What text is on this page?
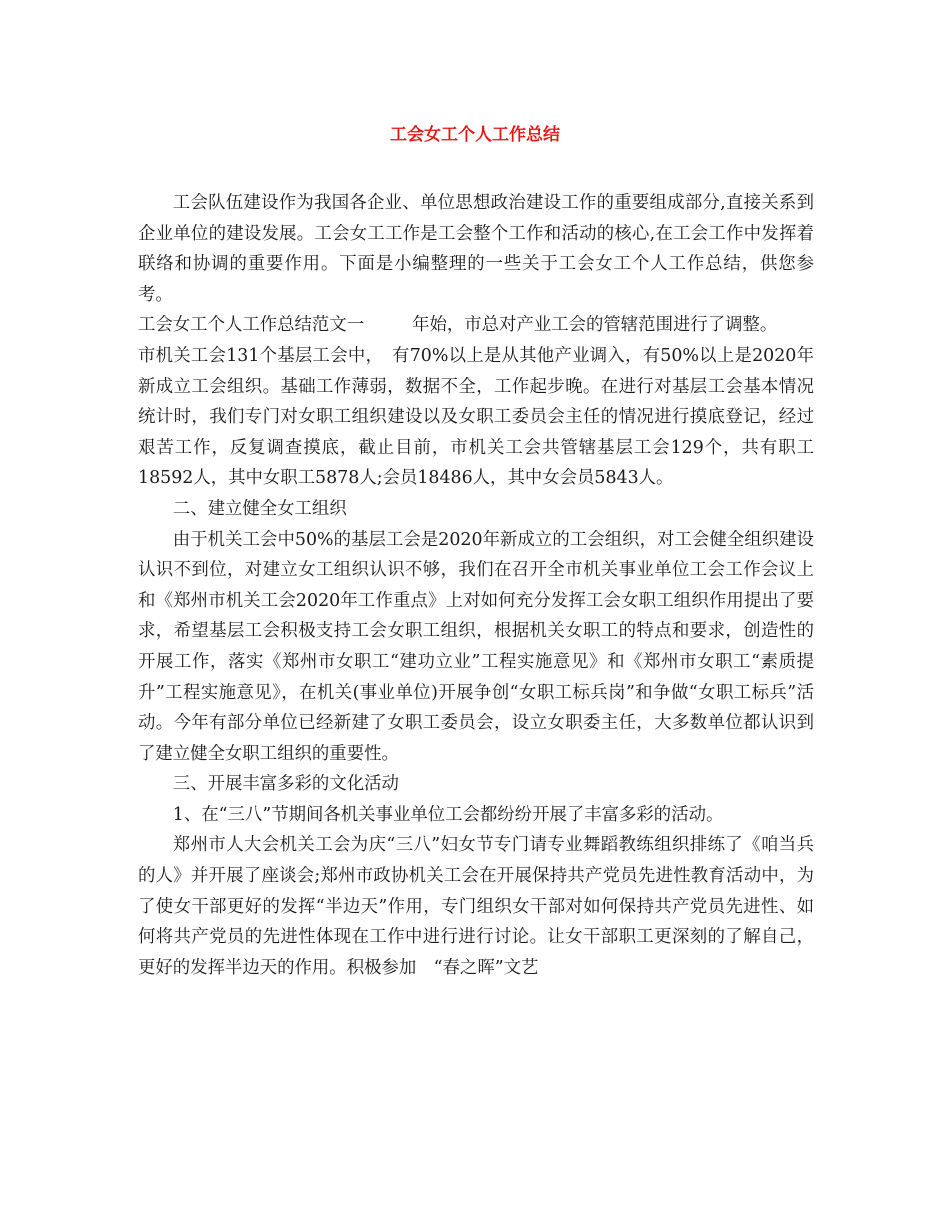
工会女工个人工作总结

工会队伍建设作为我国各企业、单位思想政治建设工作的重要组成部分,直接关系到企业单位的建设发展。工会女工工作是工会整个工作和活动的核心,在工会工作中发挥着联络和协调的重要作用。下面是小编整理的一些关于工会女工个人工作总结，供您参考。

工会女工个人工作总结范文一	年始，市总对产业工会的管辖范围进行了调整。

市机关工会131个基层工会中，　有70%以上是从其他产业调入，有50%以上是2020年新成立工会组织。基础工作薄弱，数据不全，工作起步晚。在进行对基层工会基本情况统计时，我们专门对女职工组织建设以及女职工委员会主任的情况进行摸底登记，经过艰苦工作，反复调查摸底，截止目前，市机关工会共管辖基层工会129个，共有职工18592人，其中女职工5878人;会员18486人，其中女会员5843人。

二、建立健全女工组织

由于机关工会中50%的基层工会是2020年新成立的工会组织，对工会健全组织建设认识不到位，对建立女工组织认识不够，我们在召开全市机关事业单位工会工作会议上和《郑州市机关工会2020年工作重点》上对如何充分发挥工会女职工组织作用提出了要求，希望基层工会积极支持工会女职工组织，根据机关女职工的特点和要求，创造性的开展工作，落实《郑州市女职工“建功立业”工程实施意见》和《郑州市女职工“素质提升”工程实施意见》，在机关(事业单位)开展争创“女职工标兵岗”和争做“女职工标兵”活动。今年有部分单位已经新建了女职工委员会，设立女职委主任，大多数单位都认识到了建立健全女职工组织的重要性。

三、开展丰富多彩的文化活动

1、在“三八”节期间各机关事业单位工会都纷纷开展了丰富多彩的活动。

郑州市人大会机关工会为庆“三八”妇女节专门请专业舞蹈教练组织排练了《咱当兵的人》并开展了座谈会;郑州市政协机关工会在开展保持共产党员先进性教育活动中，为了使女干部更好的发挥“半边天”作用，专门组织女干部对如何保持共产党员先进性、如何将共产党员的先进性体现在工作中进行进行讨论。让女干部职工更深刻的了解自己，更好的发挥半边天的作用。积极参加　“春之晖”文艺
